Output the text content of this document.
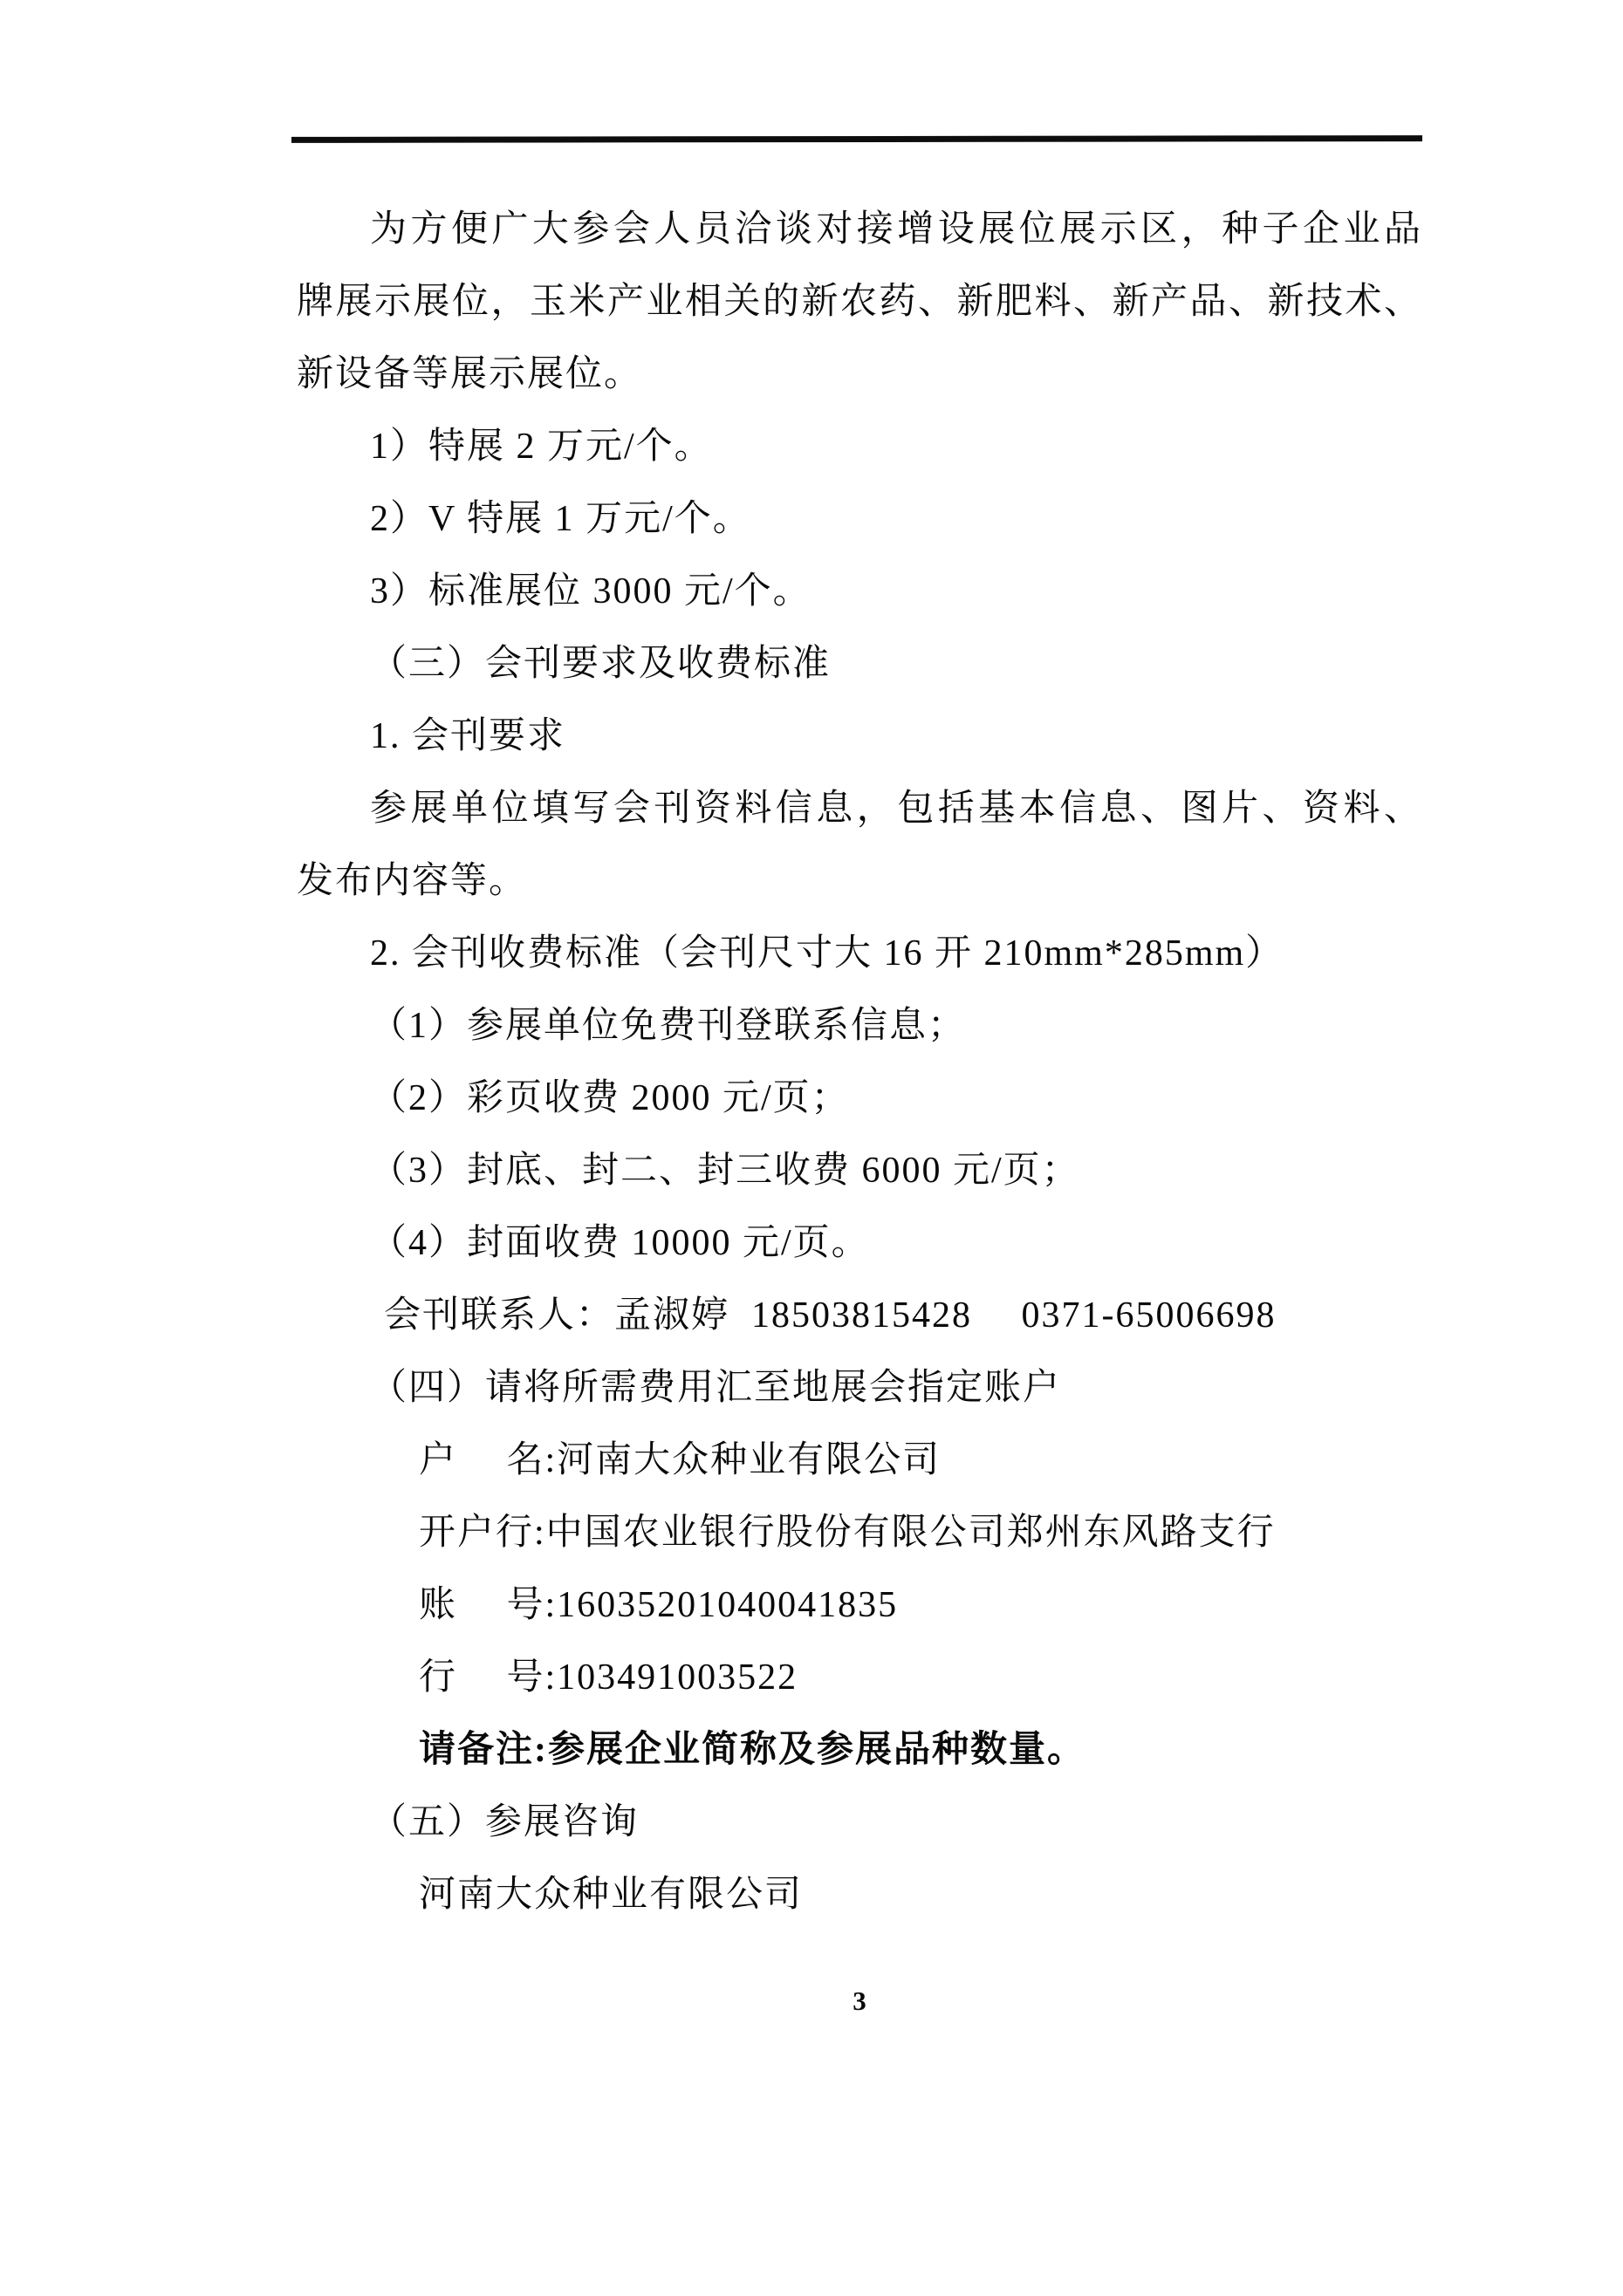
为方便广大参会人员洽谈对接增设展位展示区，种子企业品
牌展示展位，玉米产业相关的新农药、新肥料、新产品、新技术、
新设备等展示展位。
1）特展 2 万元/个。
2）V 特展 1 万元/个。
3）标准展位 3000 元/个。
（三）会刊要求及收费标准
1. 会刊要求
参展单位填写会刊资料信息，包括基本信息、图片、资料、
发布内容等。
2. 会刊收费标准（会刊尺寸大 16 开 210mm*285mm）
（1）参展单位免费刊登联系信息；
（2）彩页收费 2000 元/页；
（3）封底、封二、封三收费 6000 元/页；
（4）封面收费 10000 元/页。
会刊联系人：孟淑婷  18503815428　 0371-65006698
（四）请将所需费用汇至地展会指定账户
户　 名:河南大众种业有限公司
开户行:中国农业银行股份有限公司郑州东风路支行
账　 号:16035201040041835
行　 号:103491003522
请备注:参展企业简称及参展品种数量。
（五）参展咨询
河南大众种业有限公司
3
